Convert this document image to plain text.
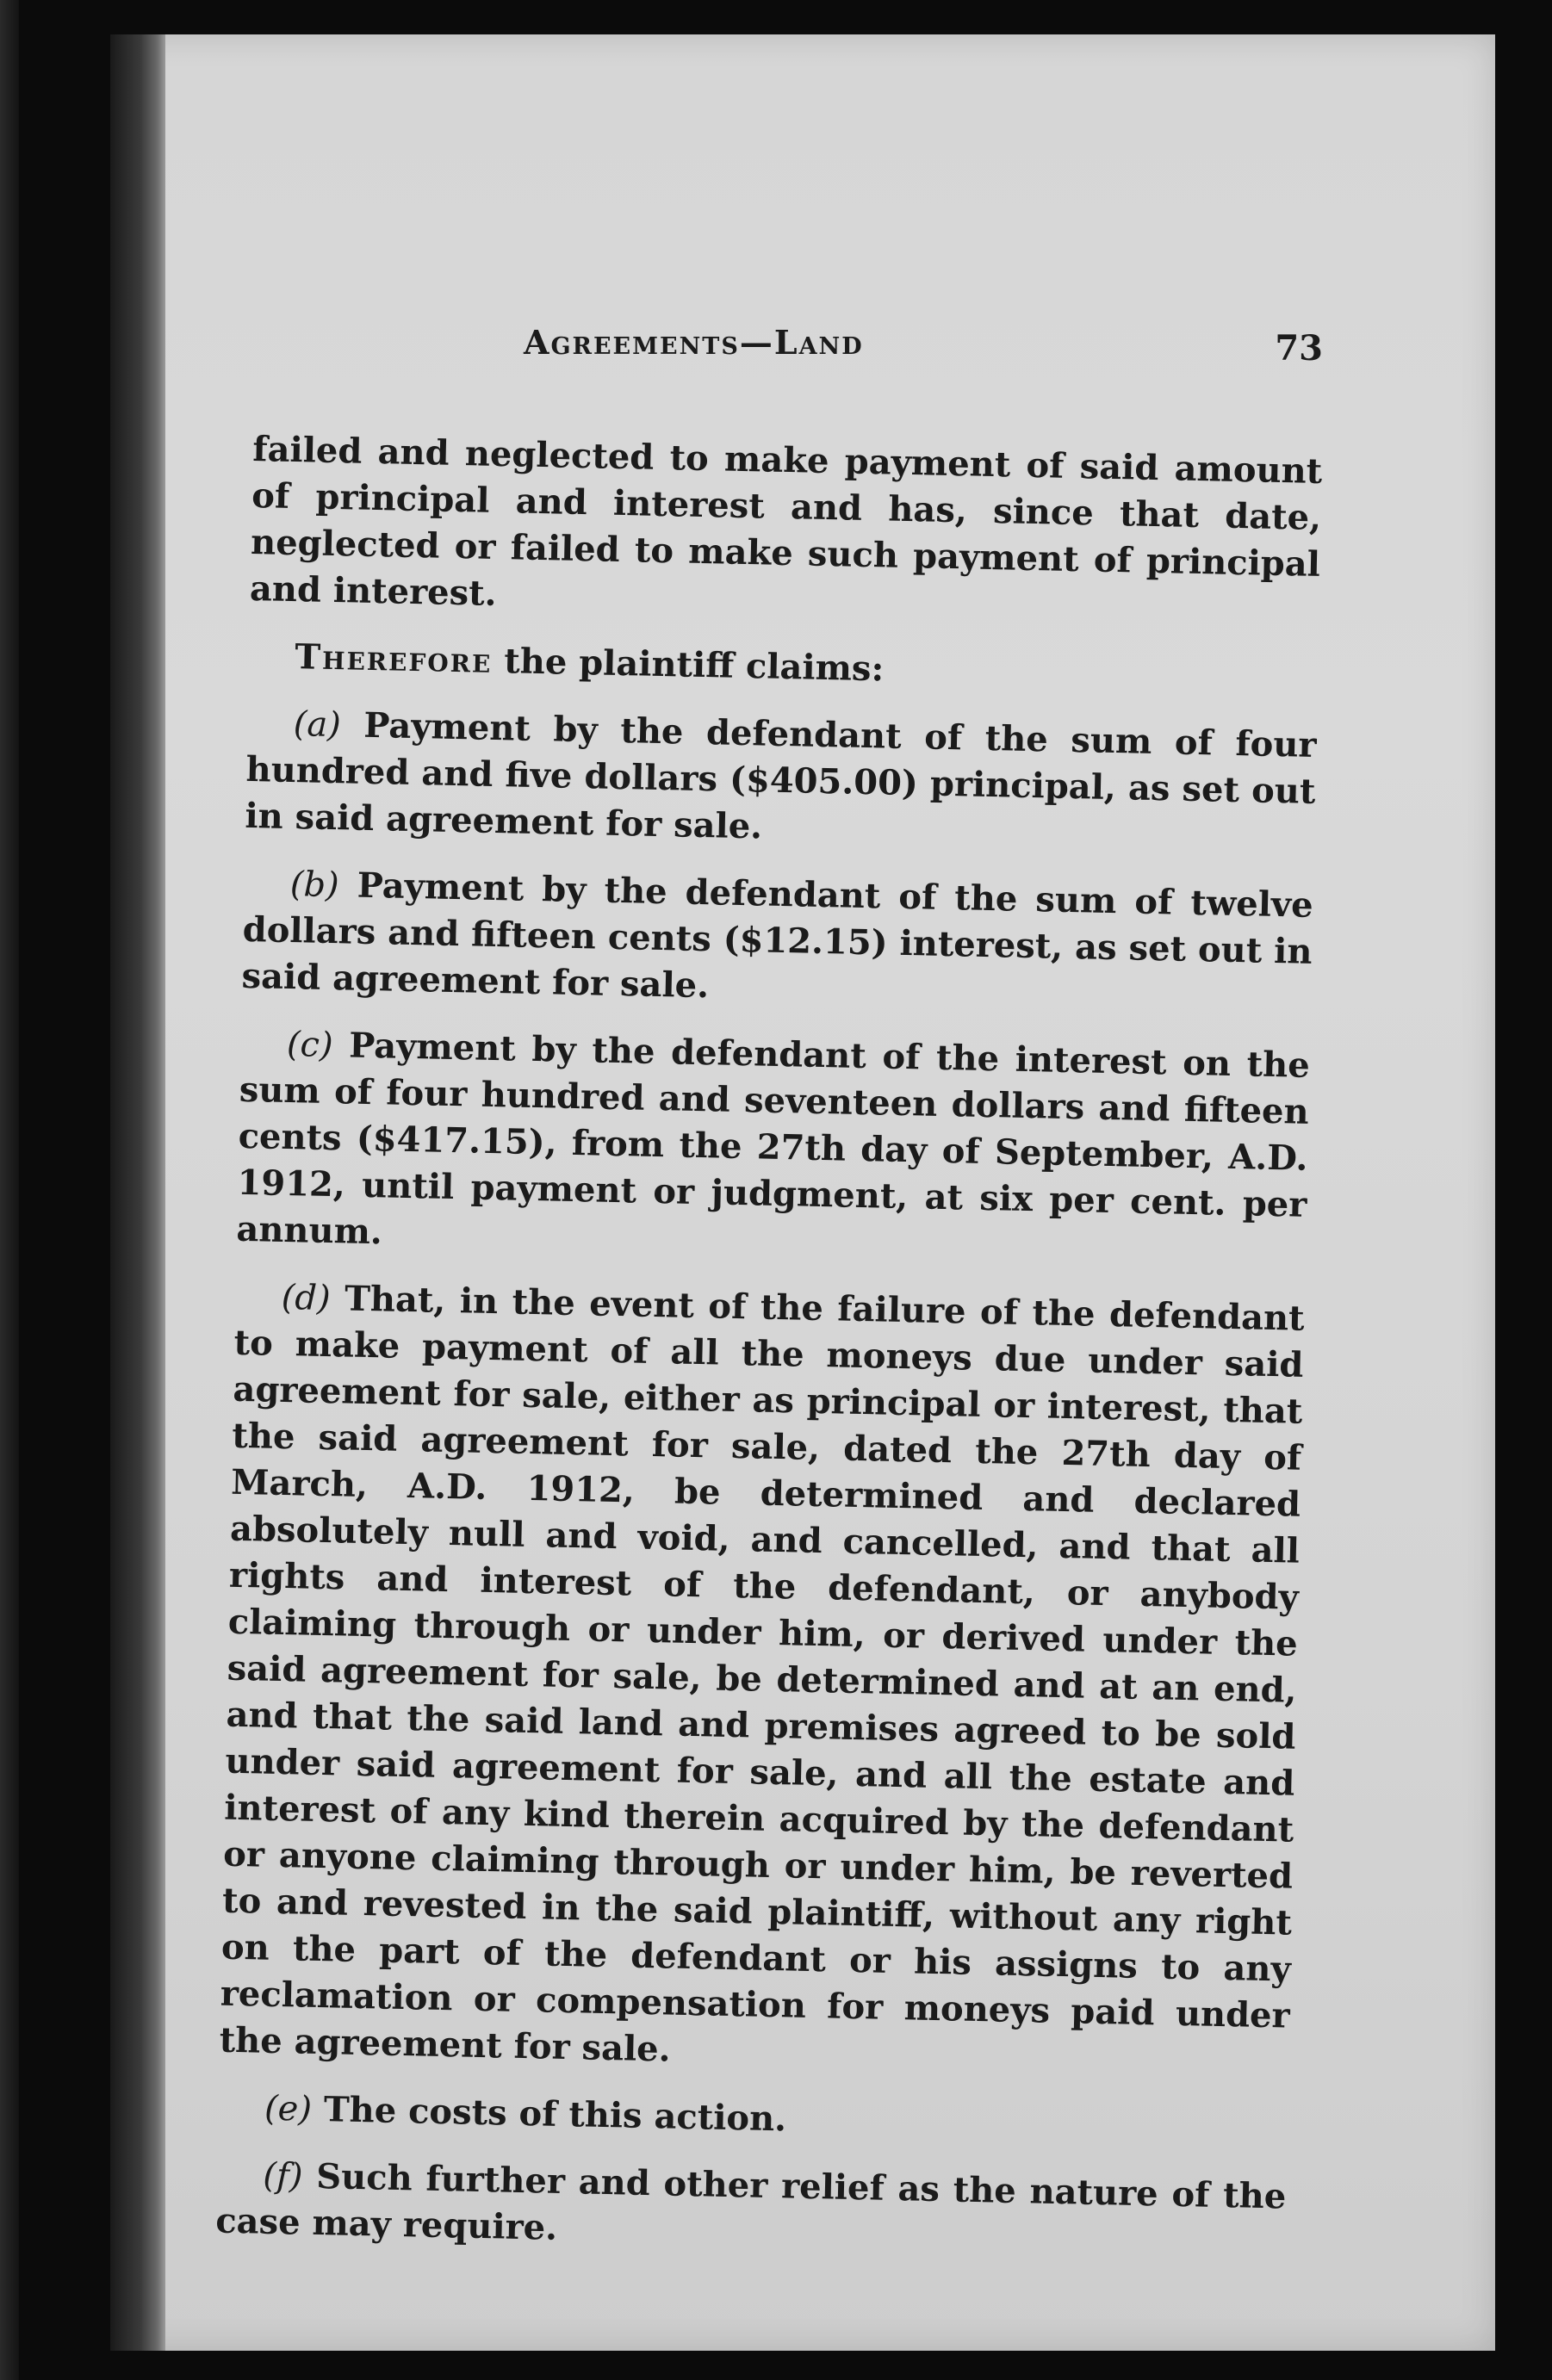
Agreements—Land	73

failed and neglected to make payment of said amount of principal and interest and has, since that date, neglected or failed to make such payment of principal and interest.

Therefore the plaintiff claims:

(a) Payment by the defendant of the sum of four hundred and five dollars ($405.00) principal, as set out in said agreement for sale.

(b) Payment by the defendant of the sum of twelve dollars and fifteen cents ($12.15) interest, as set out in said agreement for sale.

(c) Payment by the defendant of the interest on the sum of four hundred and seventeen dollars and fifteen cents ($417.15), from the 27th day of September, A.D. 1912, until payment or judgment, at six per cent. per annum.

(d) That, in the event of the failure of the defendant to make payment of all the moneys due under said agreement for sale, either as principal or interest, that the said agreement for sale, dated the 27th day of March, A.D. 1912, be determined and declared absolutely null and void, and cancelled, and that all rights and interest of the defendant, or anybody claiming through or under him, or derived under the said agreement for sale, be determined and at an end, and that the said land and premises agreed to be sold under said agreement for sale, and all the estate and interest of any kind therein acquired by the defendant or anyone claiming through or under him, be reverted to and revested in the said plaintiff, without any right on the part of the defendant or his assigns to any reclamation or compensation for moneys paid under the agreement for sale.

(e) The costs of this action.

(f) Such further and other relief as the nature of the case may require.
